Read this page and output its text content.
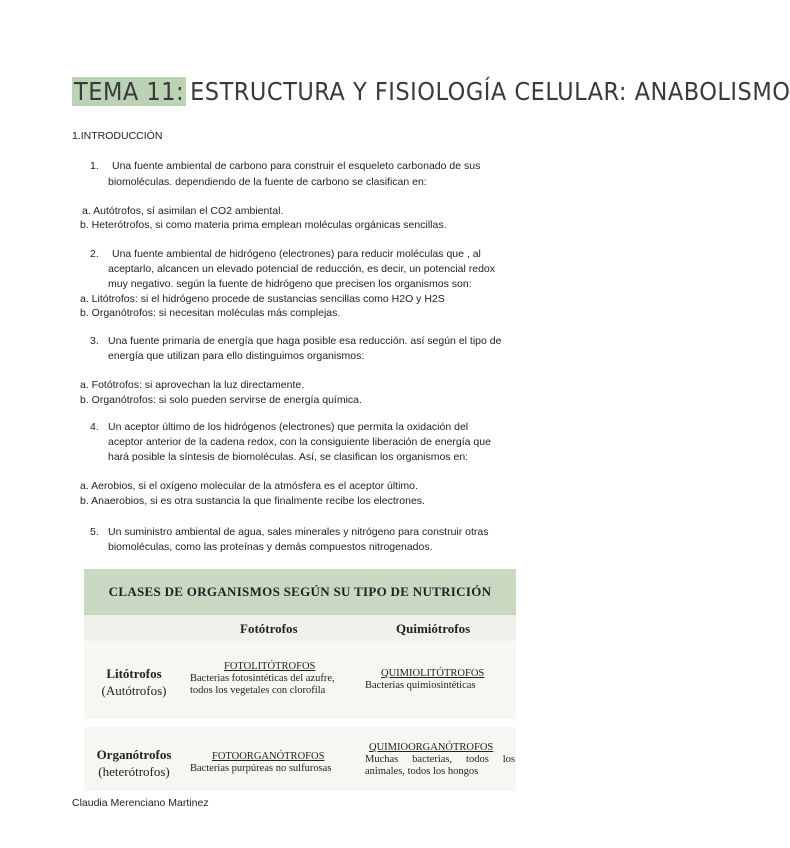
TEMA 11: ESTRUCTURA Y FISIOLOGÍA CELULAR: ANABOLISMO
1.INTRODUCCIÓN
1. Una fuente ambiental de carbono para construir el esqueleto carbonado de sus
biomoléculas. dependiendo de la fuente de carbono se clasifican en:
a. Autótrofos, sí asimilan el CO2 ambiental.
b. Heterótrofos, si como materia prima emplean moléculas orgánicas sencillas.
2. Una fuente ambiental de hidrógeno (electrones) para reducir moléculas que , al
aceptarlo, alcancen un elevado potencial de reducción, es decir, un potencial redox
muy negativo. según la fuente de hidrógeno que precisen los organismos son:
a. Litótrofos: si el hidrógeno procede de sustancias sencillas como H2O y H2S
b. Organótrofos: si necesitan moléculas más complejas.
3. Una fuente primaria de energía que haga posible esa reducción. así según el tipo de
energía que utilizan para ello distinguimos organismos:
a. Fotótrofos: si aprovechan la luz directamente.
b. Organótrofos: si solo pueden servirse de energía química.
4. Un aceptor último de los hidrógenos (electrones) que permita la oxidación del
aceptor anterior de la cadena redox, con la consiguiente liberación de energía que
hará posible la síntesis de biomoléculas. Así, se clasifican los organismos en:
a. Aerobios, si el oxígeno molecular de la atmósfera es el aceptor último.
b. Anaerobios, si es otra sustancia la que finalmente recibe los electrones.
5. Un suministro ambiental de agua, sales minerales y nitrógeno para construir otras
biomoléculas, como las proteínas y demás compuestos nitrogenados.
CLASES DE ORGANISMOS SEGÚN SU TIPO DE NUTRICIÓN
Fotótrofos	Quimiótrofos
Litótrofos
(Autótrofos)
Organótrofos
(heterótrofos)
FOTOLITÓTROFOS
Bacterias fotosintéticas del azufre,
todos los vegetales con clorofila
QUIMIOLITÓTROFOS
Bacterias quimiosintéticas
FOTOORGANÓTROFOS
Bacterias purpúreas no sulfurosas
QUIMIOORGANÓTROFOS
Muchas bacterias, todos los
animales, todos los hongos
Claudia Merenciano Martinez
